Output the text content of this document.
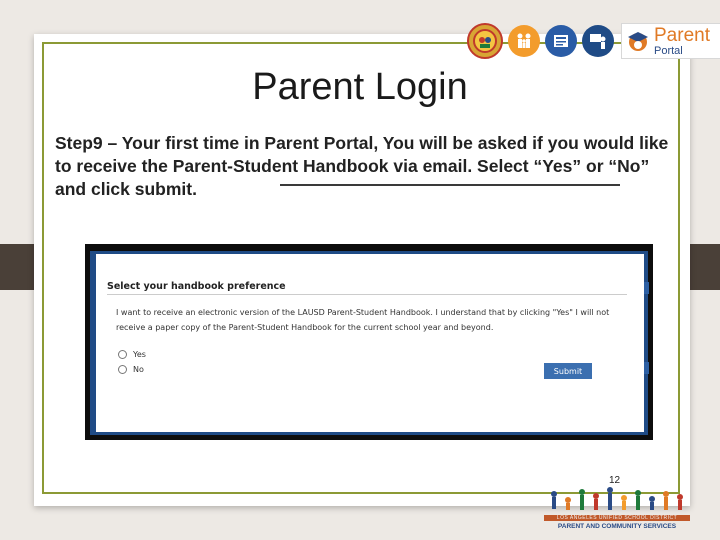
Parent
Portal
Parent Login
Step9 – Your first time in Parent Portal, You will be asked if you would like to receive the Parent-Student Handbook via email. Select “Yes” or “No” and click submit.
Select your handbook preference
I want to receive an electronic version of the LAUSD Parent-Student Handbook. I understand that by clicking "Yes" I will not receive a paper copy of the Parent-Student Handbook for the current school year and beyond.
Yes
No	Submit
12
LOS ANGELES UNIFIED SCHOOL DISTRICT
PARENT AND COMMUNITY SERVICES
